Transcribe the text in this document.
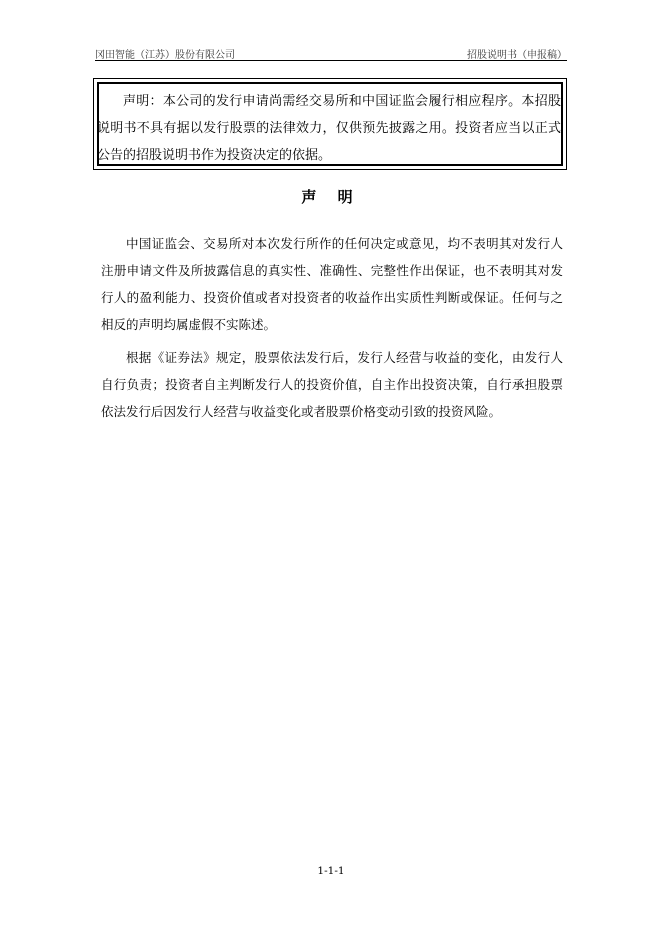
冈田智能（江苏）股份有限公司	招股说明书（申报稿）
声明：本公司的发行申请尚需经交易所和中国证监会履行相应程序。本招股说明书不具有据以发行股票的法律效力，仅供预先披露之用。投资者应当以正式公告的招股说明书作为投资决定的依据。
声 明

中国证监会、交易所对本次发行所作的任何决定或意见，均不表明其对发行人注册申请文件及所披露信息的真实性、准确性、完整性作出保证，也不表明其对发行人的盈利能力、投资价值或者对投资者的收益作出实质性判断或保证。任何与之相反的声明均属虚假不实陈述。

根据《证券法》规定，股票依法发行后，发行人经营与收益的变化，由发行人自行负责；投资者自主判断发行人的投资价值，自主作出投资决策，自行承担股票依法发行后因发行人经营与收益变化或者股票价格变动引致的投资风险。

1-1-1
